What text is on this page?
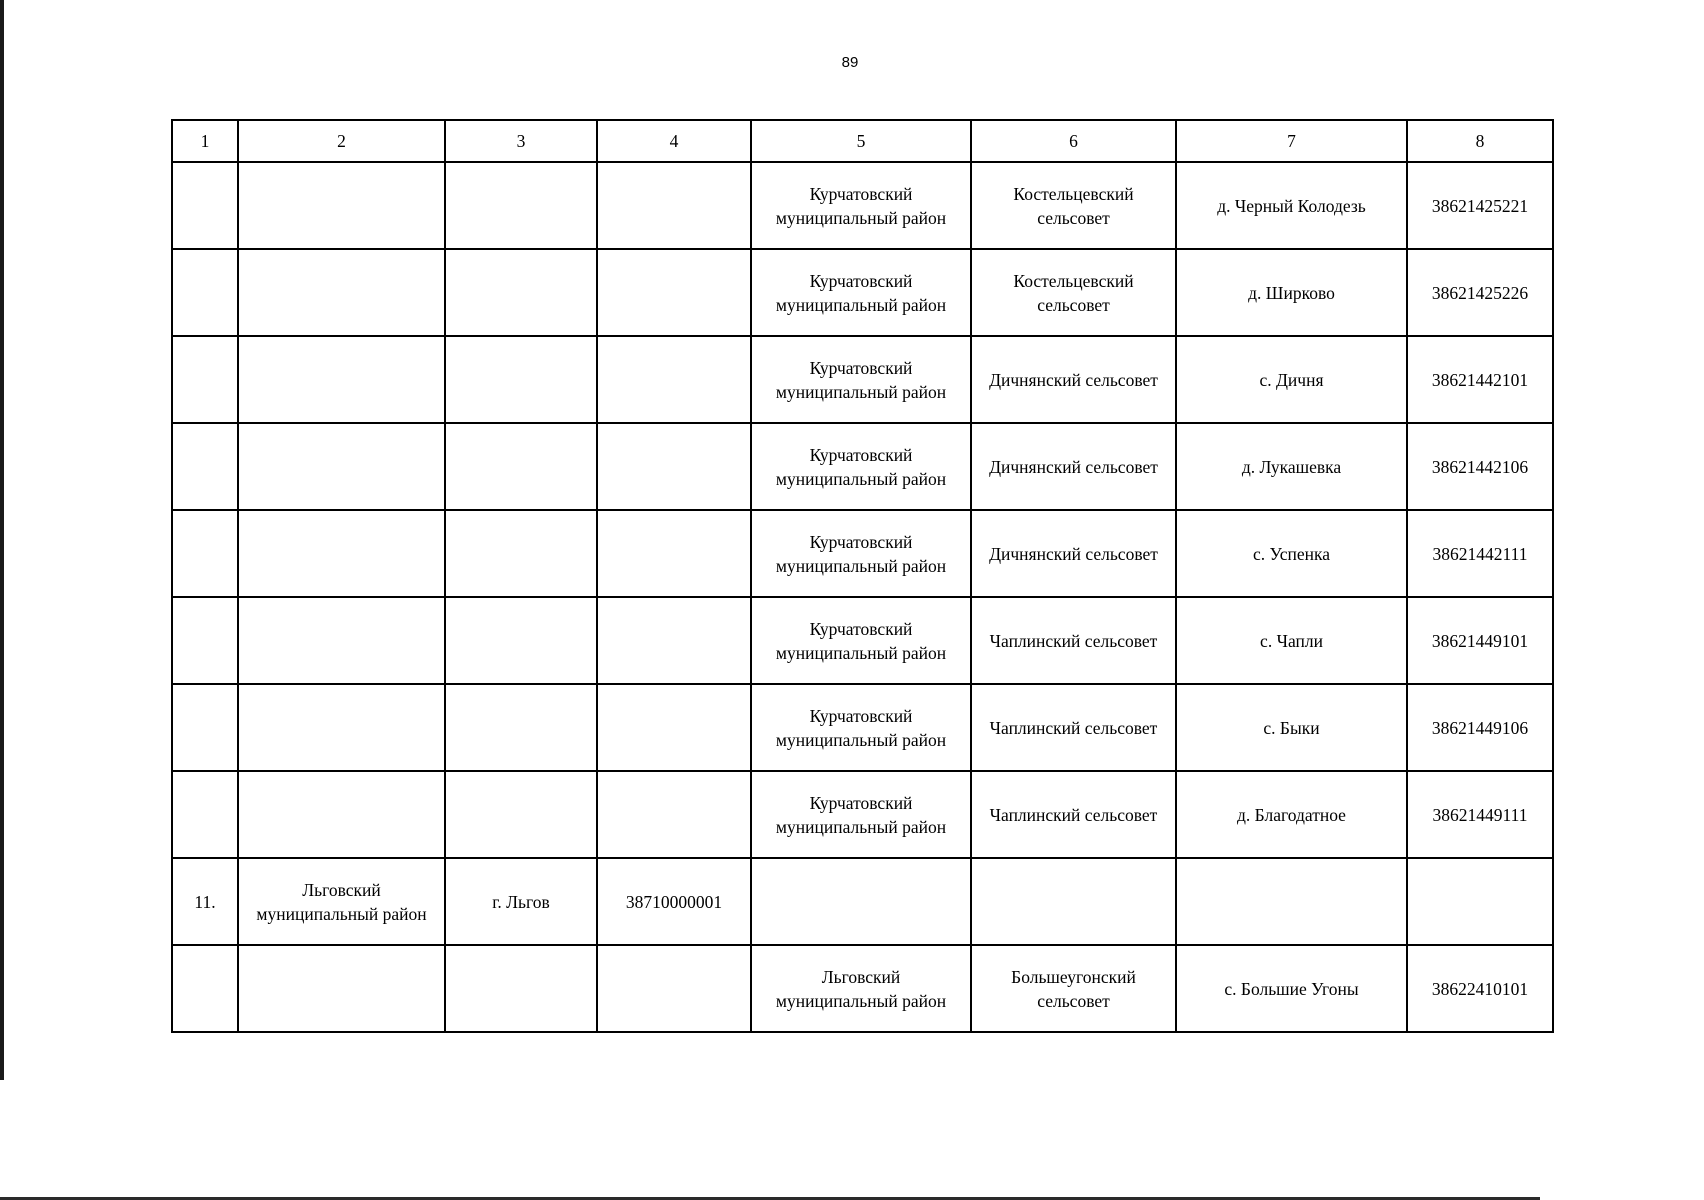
89
1	2	3	4	5	6	7	8
				Курчатовский муниципальный район	Костельцевский сельсовет	д. Черный Колодезь	38621425221
				Курчатовский муниципальный район	Костельцевский сельсовет	д. Ширково	38621425226
				Курчатовский муниципальный район	Дичнянский сельсовет	с. Дичня	38621442101
				Курчатовский муниципальный район	Дичнянский сельсовет	д. Лукашевка	38621442106
				Курчатовский муниципальный район	Дичнянский сельсовет	с. Успенка	38621442111
				Курчатовский муниципальный район	Чаплинский сельсовет	с. Чапли	38621449101
				Курчатовский муниципальный район	Чаплинский сельсовет	с. Быки	38621449106
				Курчатовский муниципальный район	Чаплинский сельсовет	д. Благодатное	38621449111
11.	Льговский муниципальный район	г. Льгов	38710000001				
				Льговский муниципальный район	Большеугонский сельсовет	с. Большие Угоны	38622410101
